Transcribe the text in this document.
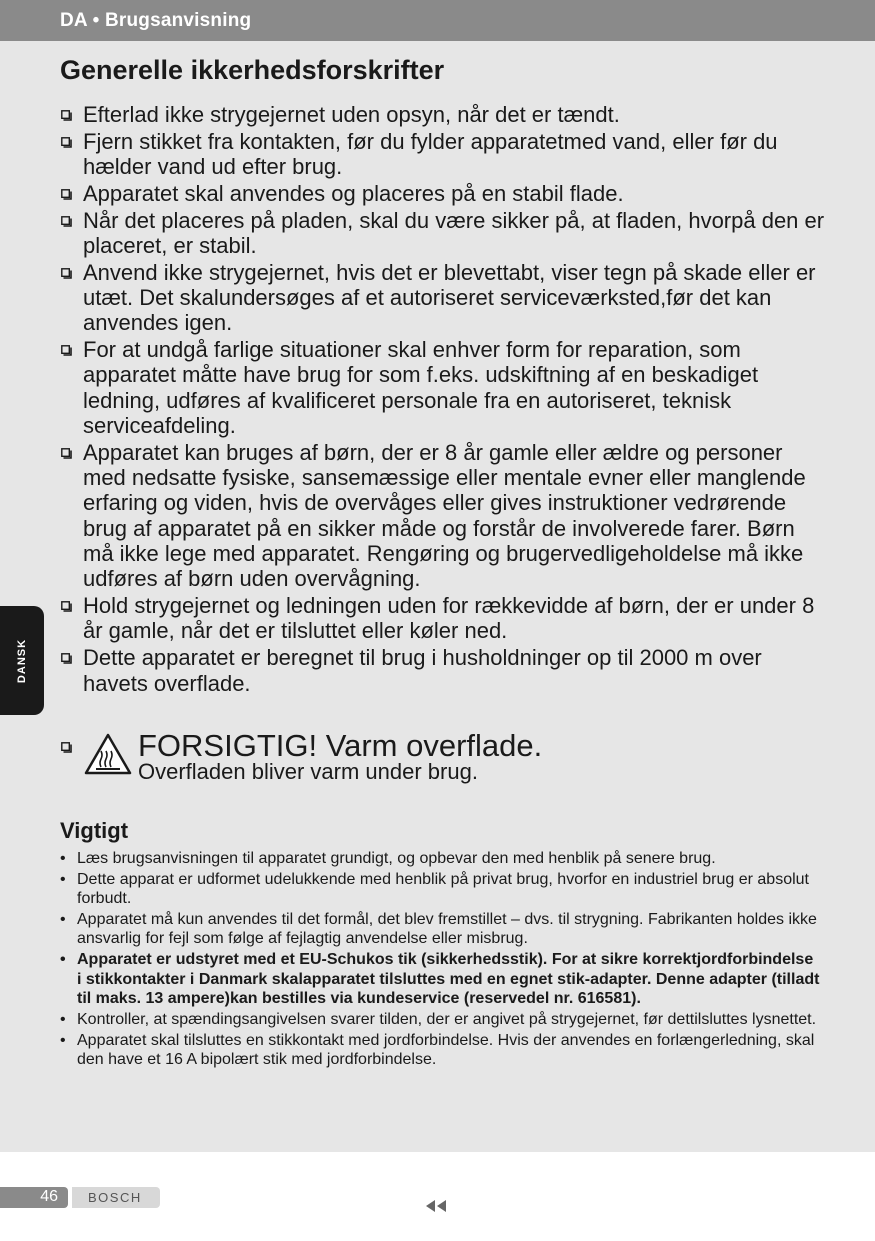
DA • Brugsanvisning
DANSK
Generelle ikkerhedsforskrifter
Efterlad ikke strygejernet uden opsyn, når det er tændt.
Fjern stikket fra kontakten, før du fylder apparatetmed vand, eller før du hælder vand ud efter brug.
Apparatet skal anvendes og placeres på en stabil flade.
Når det placeres på pladen, skal du være sikker på, at fladen, hvorpå den er placeret, er stabil.
Anvend ikke strygejernet, hvis det er blevettabt, viser tegn på skade eller er utæt. Det skalundersøges af et autoriseret serviceværksted,før det kan anvendes igen.
For at undgå farlige situationer skal enhver form for reparation, som apparatet måtte have brug for som f.eks. udskiftning af en beskadiget ledning, udføres af kvalificeret personale fra en autoriseret, teknisk serviceafdeling.
Apparatet kan bruges af børn, der er 8 år gamle eller ældre og personer med nedsatte fysiske, sansemæssige eller mentale evner eller manglende erfaring og viden, hvis de overvåges eller gives instruktioner vedrørende brug af apparatet på en sikker måde og forstår de involverede farer. Børn må ikke lege med apparatet. Rengøring og brugervedligeholdelse må ikke udføres af børn uden overvågning.
Hold strygejernet og ledningen uden for rækkevidde af børn, der er under 8 år gamle, når det er tilsluttet eller køler ned.
Dette apparatet er beregnet til brug i husholdninger op til 2000 m over havets overflade.
FORSIGTIG! Varm overflade.
Overfladen bliver varm under brug.
Vigtigt
• Læs brugsanvisningen til apparatet grundigt, og opbevar den med henblik på senere brug.
• Dette apparat er udformet udelukkende med henblik på privat brug, hvorfor en industriel brug er absolut forbudt.
• Apparatet må kun anvendes til det formål, det blev fremstillet – dvs. til strygning. Fabrikanten holdes ikke ansvarlig for fejl som følge af fejlagtig anvendelse eller misbrug.
• Apparatet er udstyret med et EU-Schukos tik (sikkerhedsstik). For at sikre korrektjordforbindelse i stikkontakter i Danmark skalapparatet tilsluttes med en egnet stik-adapter. Denne adapter (tilladt til maks. 13 ampere)kan bestilles via kundeservice (reservedel nr. 616581).
• Kontroller, at spændingsangivelsen svarer tilden, der er angivet på strygejernet, før dettilsluttes lysnettet.
• Apparatet skal tilsluttes en stikkontakt med jordforbindelse. Hvis der anvendes en forlængerledning, skal den have et 16 A bipolært stik med jordforbindelse.
46 BOSCH
